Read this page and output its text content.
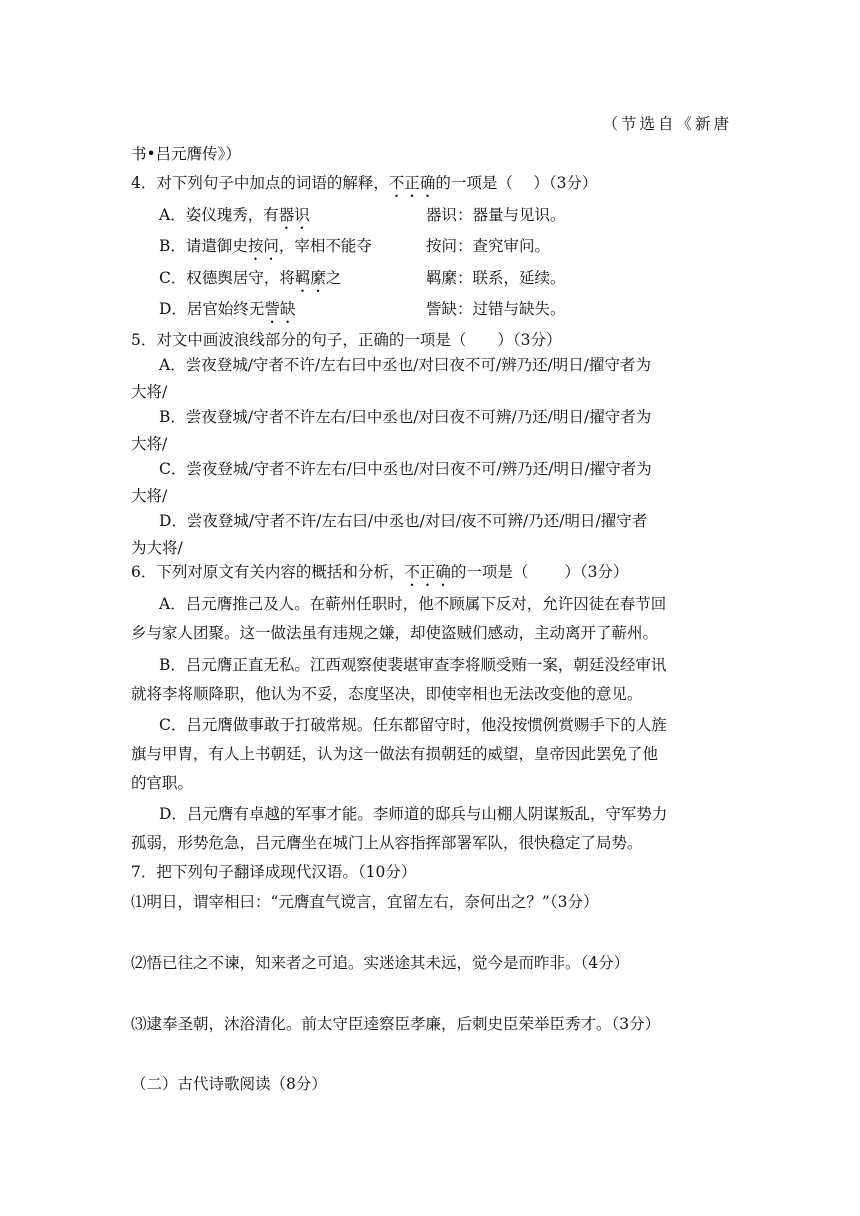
（节选自《新唐
书•吕元膺传》）
4．对下列句子中加点的词语的解释，不正确的一项是（　 ）（3分）
A．姿仪瑰秀，有器识	器识：器量与见识。
B．请遣御史按问，宰相不能夺	按问：查究审问。
C．权德舆居守，将羁縻之	羁縻：联系，延续。
D．居官始终无訾缺	訾缺：过错与缺失。
5．对文中画波浪线部分的句子，正确的一项是（　　）（3分）
A．尝夜登城/守者不许/左右曰中丞也/对曰夜不可/辨乃还/明日/擢守者为
大将/
B．尝夜登城/守者不许左右/曰中丞也/对曰夜不可辨/乃还/明日/擢守者为
大将/
C．尝夜登城/守者不许左右/曰中丞也/对曰夜不可/辨乃还/明日/擢守者为
大将/
D．尝夜登城/守者不许/左右曰/中丞也/对曰/夜不可辨/乃还/明日/擢守者
为大将/
6．下列对原文有关内容的概括和分析，不正确的一项是（　　 ）（3分）
A．吕元膺推己及人。在蕲州任职时，他不顾属下反对，允许囚徒在春节回
乡与家人团聚。这一做法虽有违规之嫌，却使盗贼们感动，主动离开了蕲州。
B．吕元膺正直无私。江西观察使裴堪审查李将顺受贿一案，朝廷没经审讯
就将李将顺降职，他认为不妥，态度坚决，即使宰相也无法改变他的意见。
C．吕元膺做事敢于打破常规。任东都留守时，他没按惯例赏赐手下的人旌
旗与甲胄，有人上书朝廷，认为这一做法有损朝廷的威望，皇帝因此罢免了他
的官职。
D．吕元膺有卓越的军事才能。李师道的邸兵与山棚人阴谋叛乱，守军势力
孤弱，形势危急，吕元膺坐在城门上从容指挥部署军队，很快稳定了局势。
7．把下列句子翻译成现代汉语。（10分）
⑴明日，谓宰相曰：“元膺直气谠言，宜留左右，奈何出之？”（3分）
⑵悟已往之不谏，知来者之可追。实迷途其未远，觉今是而昨非。（4分）
⑶逮奉圣朝，沐浴清化。前太守臣逵察臣孝廉，后刺史臣荣举臣秀才。（3分）
（二）古代诗歌阅读（8分）
